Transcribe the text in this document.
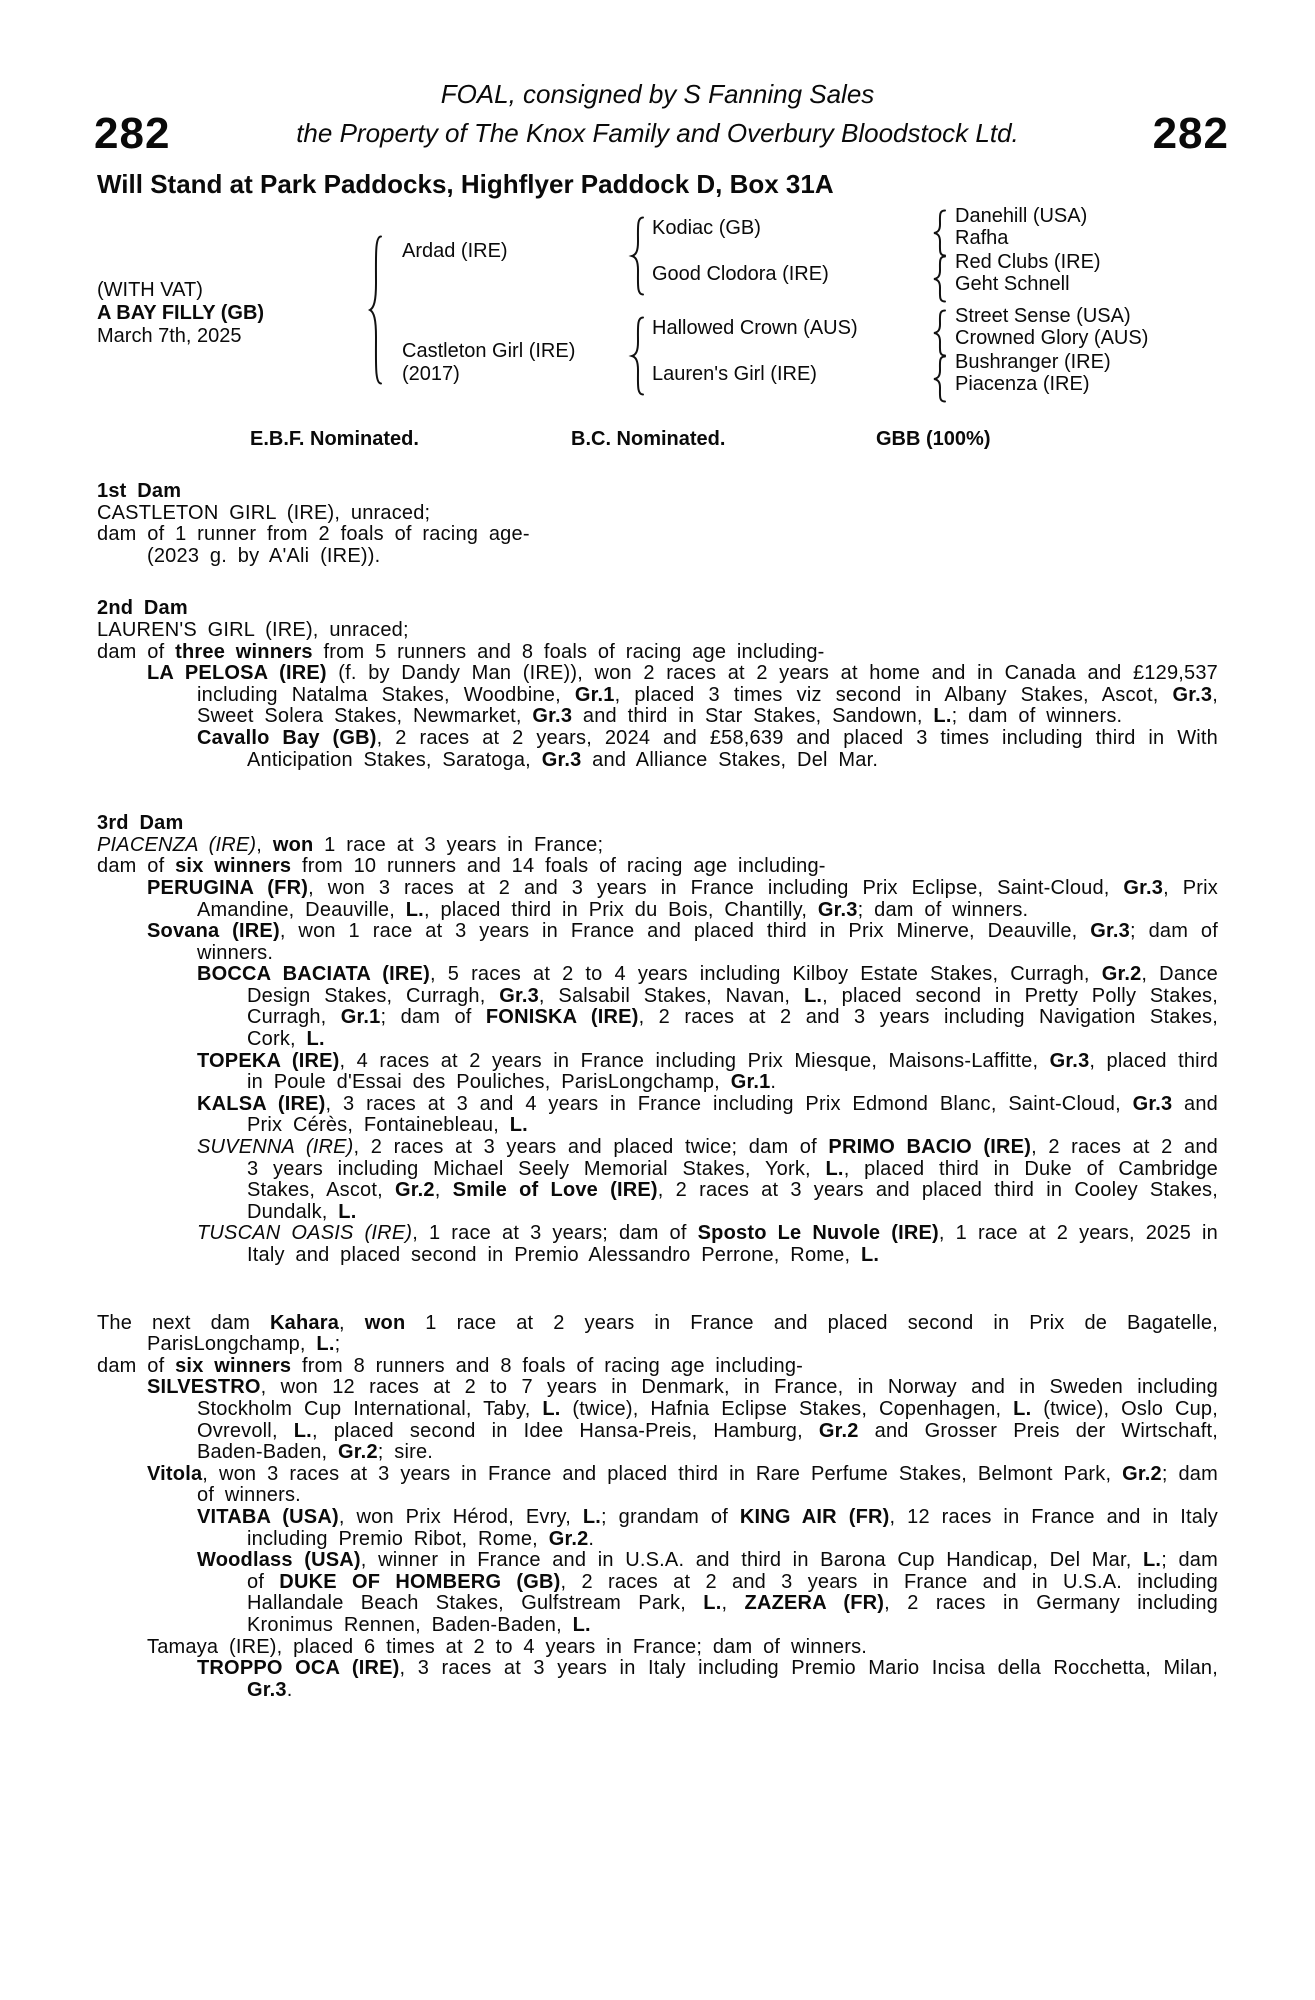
FOAL, consigned by S Fanning Sales
282	282
the Property of The Knox Family and Overbury Bloodstock Ltd.
Will Stand at Park Paddocks, Highflyer Paddock D, Box 31A
(WITH VAT)
A BAY FILLY (GB)
March 7th, 2025
Ardad (IRE)
Castleton Girl (IRE)
(2017)
Kodiac (GB)
Good Clodora (IRE)
Hallowed Crown (AUS)
Lauren's Girl (IRE)
Danehill (USA)
Rafha
Red Clubs (IRE)
Geht Schnell
Street Sense (USA)
Crowned Glory (AUS)
Bushranger (IRE)
Piacenza (IRE)
E.B.F. Nominated.	B.C. Nominated.	GBB (100%)
1st Dam
CASTLETON GIRL (IRE), unraced;
dam of 1 runner from 2 foals of racing age-
(2023 g. by A'Ali (IRE)).
2nd Dam
LAUREN'S GIRL (IRE), unraced;
dam of three winners from 5 runners and 8 foals of racing age including-
LA PELOSA (IRE) (f. by Dandy Man (IRE)), won 2 races at 2 years at home and in Canada and £129,537 including Natalma Stakes, Woodbine, Gr.1, placed 3 times viz second in Albany Stakes, Ascot, Gr.3, Sweet Solera Stakes, Newmarket, Gr.3 and third in Star Stakes, Sandown, L.; dam of winners.
Cavallo Bay (GB), 2 races at 2 years, 2024 and £58,639 and placed 3 times including third in With Anticipation Stakes, Saratoga, Gr.3 and Alliance Stakes, Del Mar.
3rd Dam
PIACENZA (IRE), won 1 race at 3 years in France;
dam of six winners from 10 runners and 14 foals of racing age including-
PERUGINA (FR), won 3 races at 2 and 3 years in France including Prix Eclipse, Saint-Cloud, Gr.3, Prix Amandine, Deauville, L., placed third in Prix du Bois, Chantilly, Gr.3; dam of winners.
Sovana (IRE), won 1 race at 3 years in France and placed third in Prix Minerve, Deauville, Gr.3; dam of winners.
BOCCA BACIATA (IRE), 5 races at 2 to 4 years including Kilboy Estate Stakes, Curragh, Gr.2, Dance Design Stakes, Curragh, Gr.3, Salsabil Stakes, Navan, L., placed second in Pretty Polly Stakes, Curragh, Gr.1; dam of FONISKA (IRE), 2 races at 2 and 3 years including Navigation Stakes, Cork, L.
TOPEKA (IRE), 4 races at 2 years in France including Prix Miesque, Maisons-Laffitte, Gr.3, placed third in Poule d'Essai des Pouliches, ParisLongchamp, Gr.1.
KALSA (IRE), 3 races at 3 and 4 years in France including Prix Edmond Blanc, Saint-Cloud, Gr.3 and Prix Cérès, Fontainebleau, L.
SUVENNA (IRE), 2 races at 3 years and placed twice; dam of PRIMO BACIO (IRE), 2 races at 2 and 3 years including Michael Seely Memorial Stakes, York, L., placed third in Duke of Cambridge Stakes, Ascot, Gr.2, Smile of Love (IRE), 2 races at 3 years and placed third in Cooley Stakes, Dundalk, L.
TUSCAN OASIS (IRE), 1 race at 3 years; dam of Sposto Le Nuvole (IRE), 1 race at 2 years, 2025 in Italy and placed second in Premio Alessandro Perrone, Rome, L.
The next dam Kahara, won 1 race at 2 years in France and placed second in Prix de Bagatelle, ParisLongchamp, L.;
dam of six winners from 8 runners and 8 foals of racing age including-
SILVESTRO, won 12 races at 2 to 7 years in Denmark, in France, in Norway and in Sweden including Stockholm Cup International, Taby, L. (twice), Hafnia Eclipse Stakes, Copenhagen, L. (twice), Oslo Cup, Ovrevoll, L., placed second in Idee Hansa-Preis, Hamburg, Gr.2 and Grosser Preis der Wirtschaft, Baden-Baden, Gr.2; sire.
Vitola, won 3 races at 3 years in France and placed third in Rare Perfume Stakes, Belmont Park, Gr.2; dam of winners.
VITABA (USA), won Prix Hérod, Evry, L.; grandam of KING AIR (FR), 12 races in France and in Italy including Premio Ribot, Rome, Gr.2.
Woodlass (USA), winner in France and in U.S.A. and third in Barona Cup Handicap, Del Mar, L.; dam of DUKE OF HOMBERG (GB), 2 races at 2 and 3 years in France and in U.S.A. including Hallandale Beach Stakes, Gulfstream Park, L., ZAZERA (FR), 2 races in Germany including Kronimus Rennen, Baden-Baden, L.
Tamaya (IRE), placed 6 times at 2 to 4 years in France; dam of winners.
TROPPO OCA (IRE), 3 races at 3 years in Italy including Premio Mario Incisa della Rocchetta, Milan, Gr.3.
